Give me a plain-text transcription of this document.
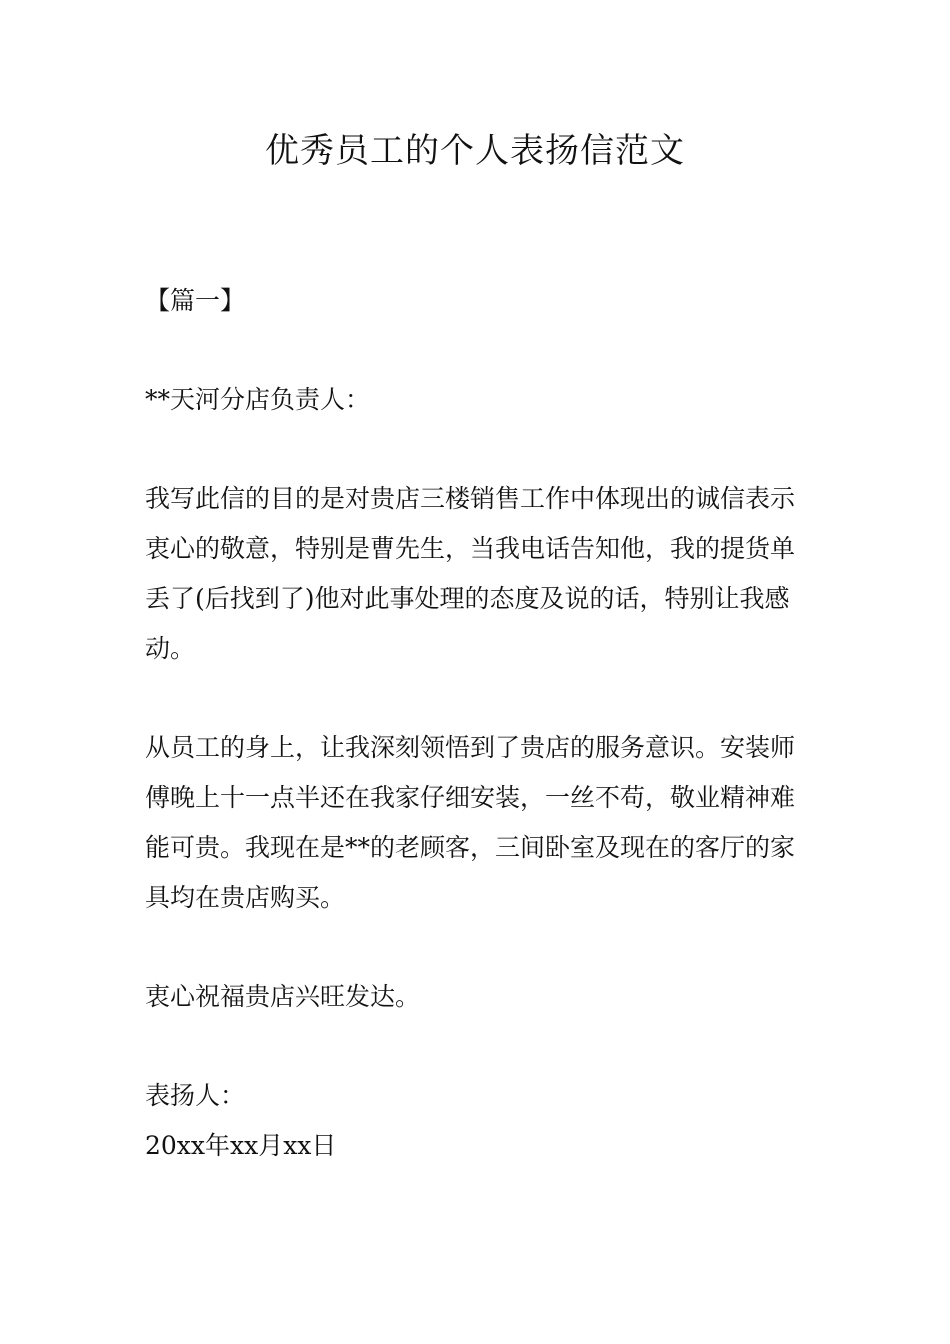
优秀员工的个人表扬信范文

【篇一】

**天河分店负责人：

我写此信的目的是对贵店三楼销售工作中体现出的诚信表示衷心的敬意，特别是曹先生，当我电话告知他，我的提货单丢了(后找到了)他对此事处理的态度及说的话，特别让我感动。

从员工的身上，让我深刻领悟到了贵店的服务意识。安装师傅晚上十一点半还在我家仔细安装，一丝不苟，敬业精神难能可贵。我现在是**的老顾客，三间卧室及现在的客厅的家具均在贵店购买。

衷心祝福贵店兴旺发达。

表扬人：

20xx年xx月xx日
